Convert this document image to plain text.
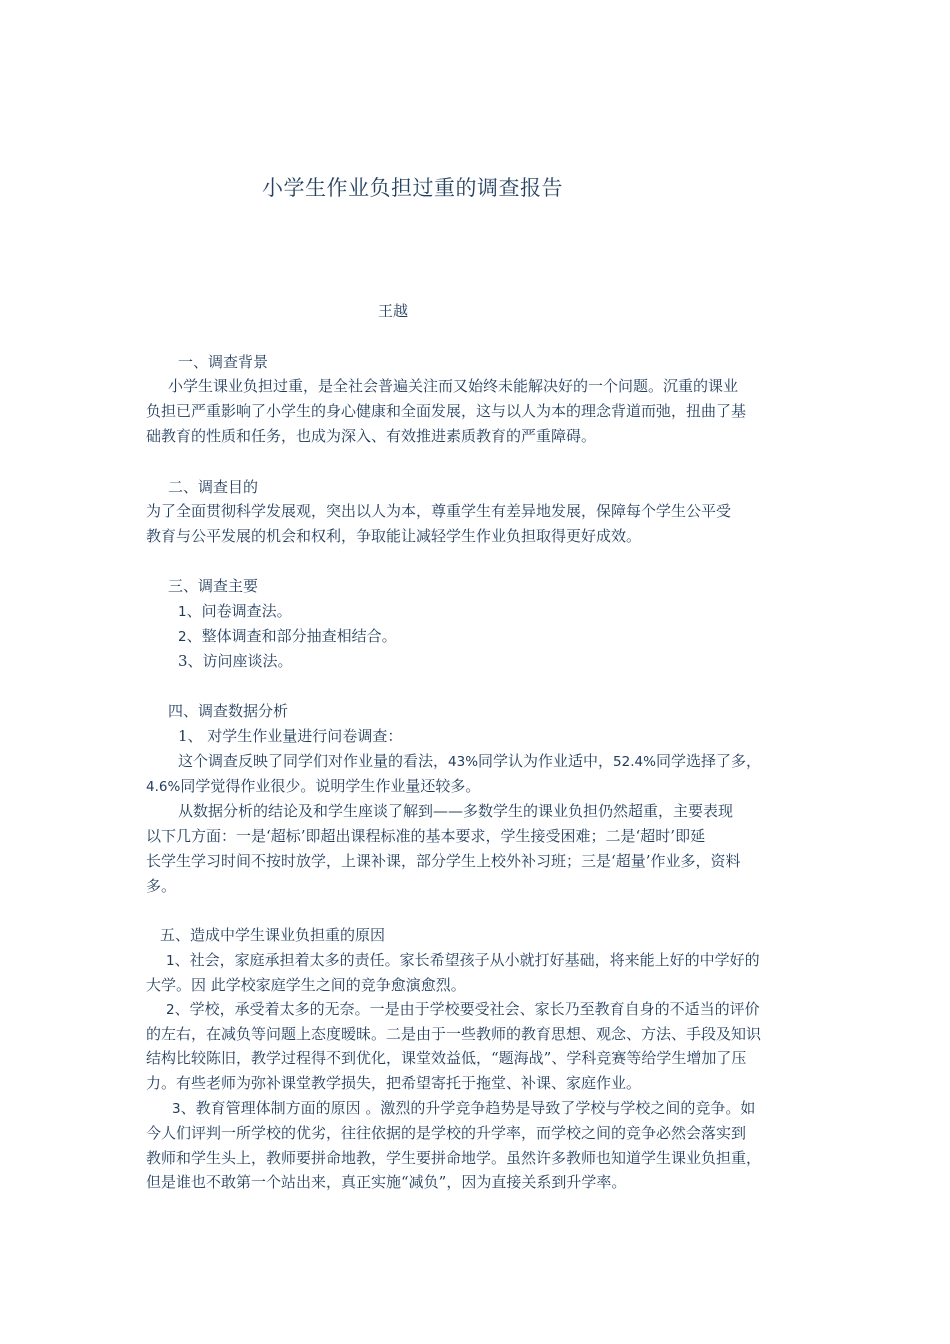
小学生作业负担过重的调查报告
王越
一、调查背景
小学生课业负担过重，是全社会普遍关注而又始终未能解决好的一个问题。沉重的课业
负担已严重影响了小学生的身心健康和全面发展，这与以人为本的理念背道而弛，扭曲了基
础教育的性质和任务，也成为深入、有效推进素质教育的严重障碍。
二、调查目的
为了全面贯彻科学发展观，突出以人为本，尊重学生有差异地发展，保障每个学生公平受
教育与公平发展的机会和权利，争取能让减轻学生作业负担取得更好成效。
三、调查主要
1、问卷调查法。
2、整体调查和部分抽查相结合。
3、访问座谈法。
四、调查数据分析
1、 对学生作业量进行问卷调查：
这个调查反映了同学们对作业量的看法，43%同学认为作业适中，52.4%同学选择了多，
4.6%同学觉得作业很少。说明学生作业量还较多。
从数据分析的结论及和学生座谈了解到——多数学生的课业负担仍然超重，主要表现
以下几方面：一是‘超标’即超出课程标准的基本要求，学生接受困难；二是‘超时’即延
长学生学习时间不按时放学，上课补课，部分学生上校外补习班；三是‘超量’作业多，资料
多。
五、造成中学生课业负担重的原因
1、社会，家庭承担着太多的责任。家长希望孩子从小就打好基础，将来能上好的中学好的
大学。因 此学校家庭学生之间的竞争愈演愈烈。
2、学校，承受着太多的无奈。一是由于学校要受社会、家长乃至教育自身的不适当的评价
的左右，在减负等问题上态度暧昧。二是由于一些教师的教育思想、观念、方法、手段及知识
结构比较陈旧，教学过程得不到优化，课堂效益低，“题海战”、学科竞赛等给学生增加了压
力。有些老师为弥补课堂教学损失，把希望寄托于拖堂、补课、家庭作业。
3、教育管理体制方面的原因 。激烈的升学竞争趋势是导致了学校与学校之间的竞争。如
今人们评判一所学校的优劣，往往依据的是学校的升学率，而学校之间的竞争必然会落实到
教师和学生头上，教师要拼命地教，学生要拼命地学。虽然许多教师也知道学生课业负担重，
但是谁也不敢第一个站出来，真正实施“减负”，因为直接关系到升学率。
